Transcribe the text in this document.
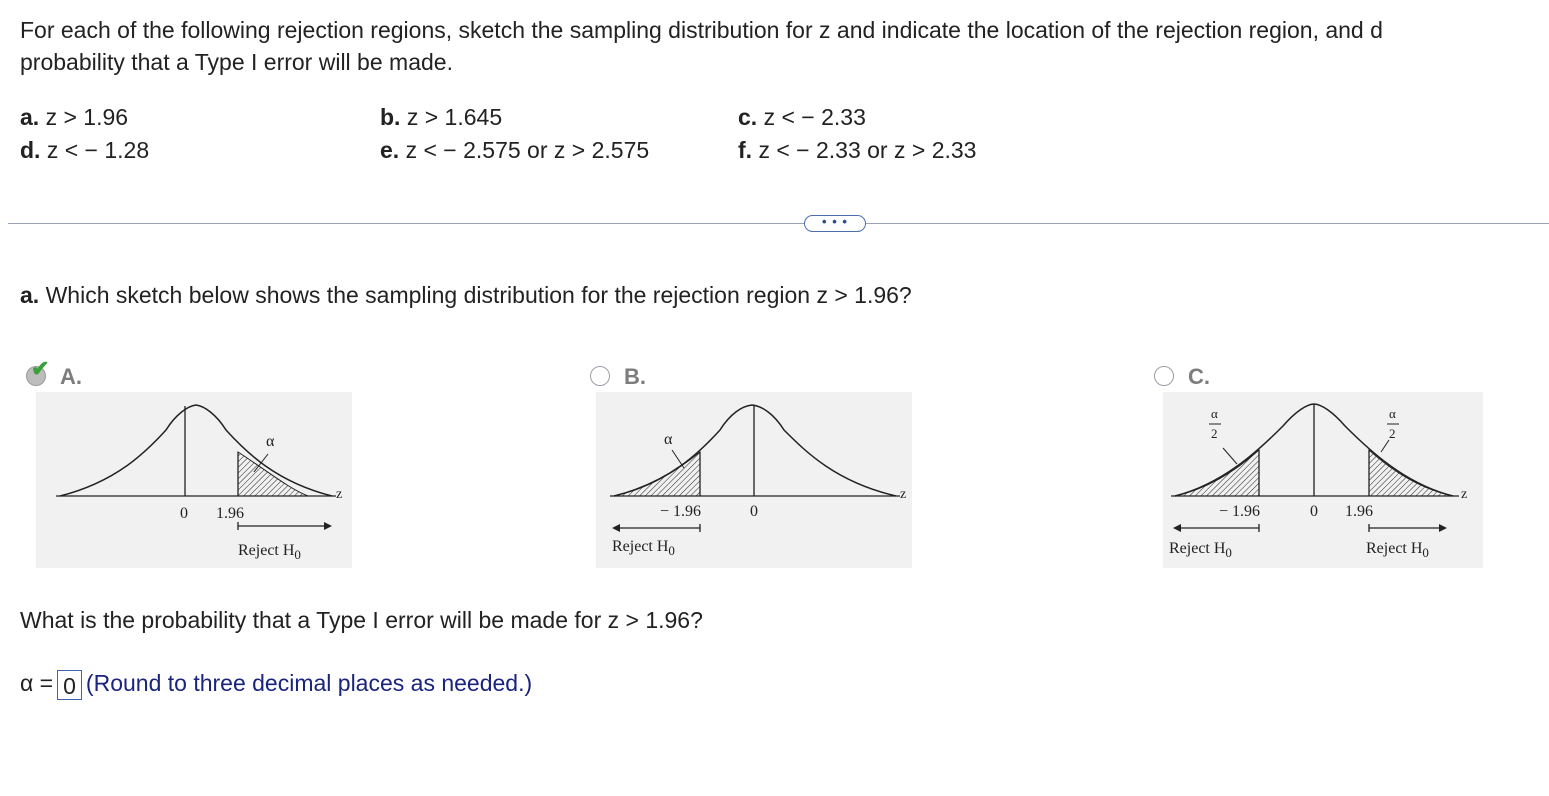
For each of the following rejection regions, sketch the sampling distribution for z and indicate the location of the rejection region, and d
probability that a Type I error will be made.
a. z > 1.96	b. z > 1.645	c. z < − 2.33
d. z < − 1.28	e. z < − 2.575 or z > 2.575	f. z < − 2.33 or z > 2.33
• • •
a. Which sketch below shows the sampling distribution for the rejection region z > 1.96?
✔ A.
α
z
0 1.96
Reject $H_0$
B.
α
z
− 1.96	0
Reject $H_0$
C.
α
2
α
2
z
− 1.96	0 1.96
Reject $H_0$	Reject $H_0$
What is the probability that a Type I error will be made for z > 1.96?
α = 0 (Round to three decimal places as needed.)
